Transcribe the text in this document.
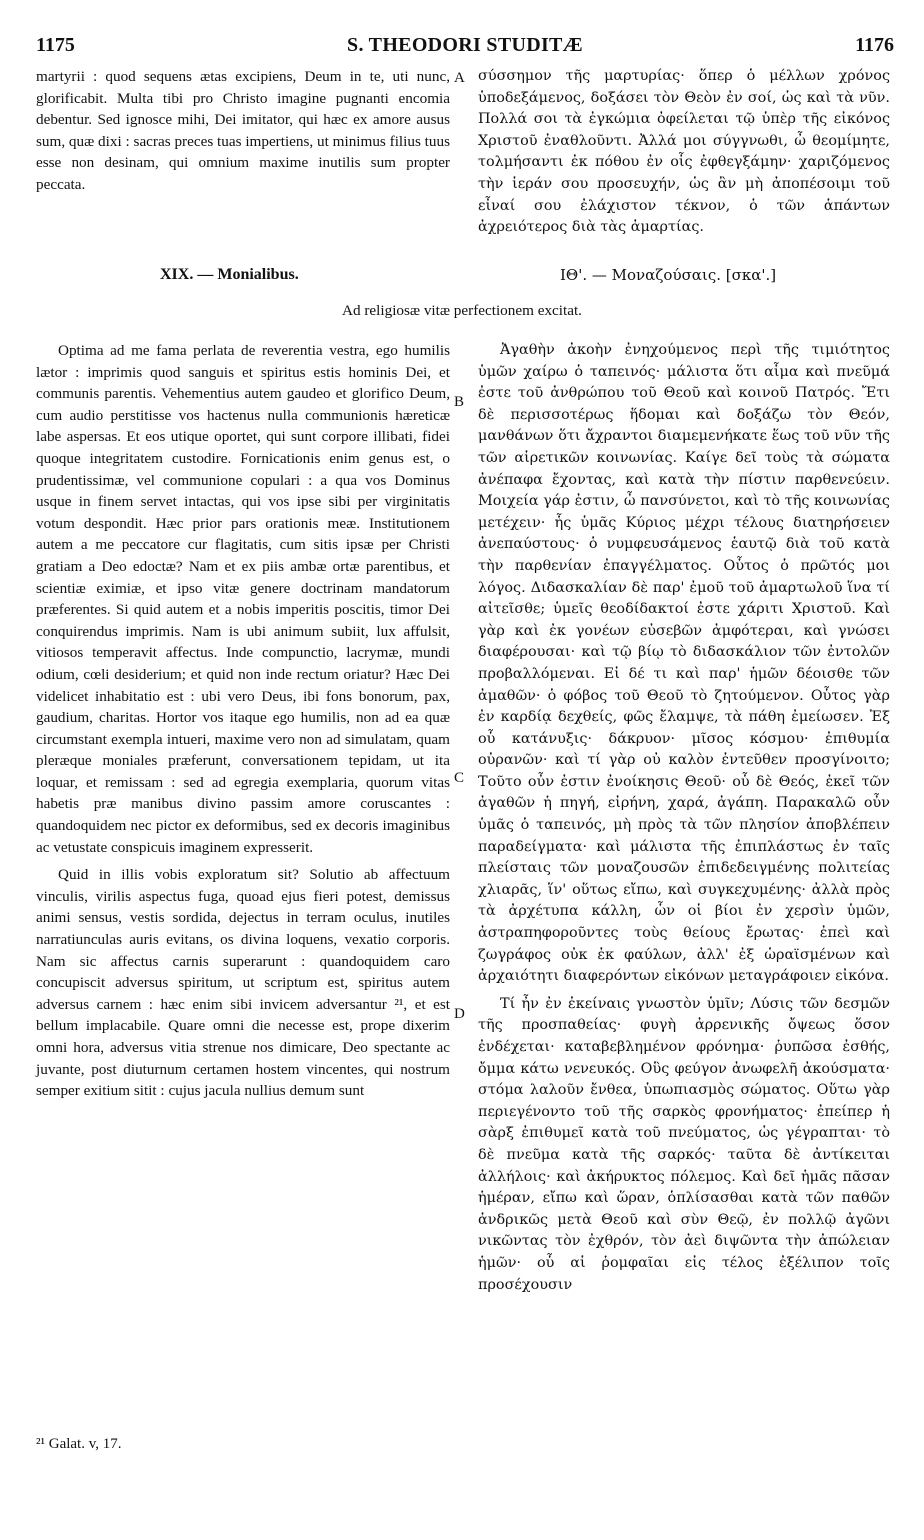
1175	S. THEODORI STUDITÆ	1176

martyrii : quod sequens ætas excipiens, Deum in te, uti nunc, glorificabit. Multa tibi pro Christo imagine pugnanti encomia debentur. Sed ignosce mihi, Dei imitator, qui hæc ex amore ausus sum, quæ dixi : sacras preces tuas impertiens, ut minimus filius tuus esse non desinam, qui omnium maxime inutilis sum propter peccata.

σύσσημον τῆς μαρτυρίας· ὅπερ ὁ μέλλων χρόνος ὑποδεξάμενος, δοξάσει τὸν Θεὸν ἐν σοί, ὡς καὶ τὰ νῦν. Πολλά σοι τὰ ἐγκώμια ὀφείλεται τῷ ὑπὲρ τῆς εἰκόνος Χριστοῦ ἐναθλοῦντι. Ἀλλά μοι σύγγνωθι, ὦ θεομίμητε, τολμήσαντι ἐκ πόθου ἐν οἷς ἐφθεγξάμην· χαριζόμενος τὴν ἱεράν σου προσευχήν, ὡς ἂν μὴ ἀποπέσοιμι τοῦ εἶναί σου ἐλάχιστον τέκνον, ὁ τῶν ἁπάντων ἀχρειότερος διὰ τὰς ἁμαρτίας.

A
XIX. — Monialibus.	ΙΘ'. — Μοναζούσαις. [σκα'.]
Ad religiosæ vitæ perfectionem excitat.

Optima ad me fama perlata de reverentia vestra, ego humilis lætor : imprimis quod sanguis et spiritus estis hominis Dei, et communis parentis. Vehementius autem gaudeo et glorifico Deum, cum audio perstitisse vos hactenus nulla communionis hæreticæ labe aspersas. Et eos utique oportet, qui sunt corpore illibati, fidei quoque integritatem custodire. Fornicationis enim genus est, o prudentissimæ, vel communione copulari : a qua vos Dominus usque in finem servet intactas, qui vos ipse sibi per virginitatis votum despondit. Hæc prior pars orationis meæ. Institutionem autem a me peccatore cur flagitatis, cum sitis ipsæ per Christi gratiam a Deo edoctæ? Nam et ex piis ambæ ortæ parentibus, et scientiæ eximiæ, et ipso vitæ genere doctrinam mandatorum præferentes. Si quid autem et a nobis imperitis poscitis, timor Dei conquirendus imprimis. Nam is ubi animum subiit, lux affulsit, vitiosos temperavit affectus. Inde compunctio, lacrymæ, mundi odium, cœli desiderium; et quid non inde rectum oriatur? Hæc Dei videlicet inhabitatio est : ubi vero Deus, ibi fons bonorum, pax, gaudium, charitas. Hortor vos itaque ego humilis, non ad ea quæ circumstant exempla intueri, maxime vero non ad simulatam, quam pleræque moniales præferunt, conversationem tepidam, ut ita loquar, et remissam : sed ad egregia exemplaria, quorum vitas habetis præ manibus divino passim amore coruscantes : quandoquidem nec pictor ex deformibus, sed ex decoris imaginibus ac vetustate conspicuis imaginem expresserit.

Quid in illis vobis exploratum sit? Solutio ab affectuum vinculis, virilis aspectus fuga, quoad ejus fieri potest, demissus animi sensus, vestis sordida, dejectus in terram oculus, inutiles narratiunculas auris evitans, os divina loquens, vexatio corporis. Nam sic affectus carnis superarunt : quandoquidem caro concupiscit adversus spiritum, ut scriptum est, spiritus autem adversus carnem : hæc enim sibi invicem adversantur ²¹, et est bellum implacabile. Quare omni die necesse est, prope dixerim omni hora, adversus vitia strenue nos dimicare, Deo spectante ac juvante, post diuturnum certamen hostem vincentes, qui nostrum semper exitium sitit : cujus jacula nullius demum sunt

Ἀγαθὴν ἀκοὴν ἐνηχούμενος περὶ τῆς τιμιότητος ὑμῶν χαίρω ὁ ταπεινός· μάλιστα ὅτι αἷμα καὶ πνεῦμά ἐστε τοῦ ἀνθρώπου τοῦ Θεοῦ καὶ κοινοῦ Πατρός. Ἔτι δὲ περισσοτέρως ἥδομαι καὶ δοξάζω τὸν Θεόν, μανθάνων ὅτι ἄχραντοι διαμεμενήκατε ἕως τοῦ νῦν τῆς τῶν αἱρετικῶν κοινωνίας. Καίγε δεῖ τοὺς τὰ σώματα ἀνέπαφα ἔχοντας, καὶ κατὰ τὴν πίστιν παρθενεύειν. Μοιχεία γάρ ἐστιν, ὦ πανσύνετοι, καὶ τὸ τῆς κοινωνίας μετέχειν· ἧς ὑμᾶς Κύριος μέχρι τέλους διατηρήσειεν ἀνεπαύστους· ὁ νυμφευσάμενος ἑαυτῷ διὰ τοῦ κατὰ τὴν παρθενίαν ἐπαγγέλματος. Οὗτος ὁ πρῶτός μοι λόγος. Διδασκαλίαν δὲ παρ' ἐμοῦ τοῦ ἁμαρτωλοῦ ἵνα τί αἰτεῖσθε; ὑμεῖς θεοδίδακτοί ἐστε χάριτι Χριστοῦ. Καὶ γὰρ καὶ ἐκ γονέων εὐσεβῶν ἀμφότεραι, καὶ γνώσει διαφέρουσαι· καὶ τῷ βίῳ τὸ διδασκάλιον τῶν ἐντολῶν προβαλλόμεναι. Εἰ δέ τι καὶ παρ' ἡμῶν δέοισθε τῶν ἀμαθῶν· ὁ φόβος τοῦ Θεοῦ τὸ ζητούμενον. Οὗτος γὰρ ἐν καρδίᾳ δεχθείς, φῶς ἔλαμψε, τὰ πάθη ἐμείωσεν. Ἐξ οὗ κατάνυξις· δάκρυον· μῖσος κόσμου· ἐπιθυμία οὐρανῶν· καὶ τί γὰρ οὐ καλὸν ἐντεῦθεν προσγίνοιτο; Τοῦτο οὖν ἐστιν ἐνοίκησις Θεοῦ· οὗ δὲ Θεός, ἐκεῖ τῶν ἀγαθῶν ἡ πηγή, εἰρήνη, χαρά, ἀγάπη. Παρακαλῶ οὖν ὑμᾶς ὁ ταπεινός, μὴ πρὸς τὰ τῶν πλησίον ἀποβλέπειν παραδείγματα· καὶ μάλιστα τῆς ἐπιπλάστως ἐν ταῖς πλείσταις τῶν μοναζουσῶν ἐπιδεδειγμένης πολιτείας χλιαρᾶς, ἵν' οὕτως εἴπω, καὶ συγκεχυμένης· ἀλλὰ πρὸς τὰ ἀρχέτυπα κάλλη, ὧν οἱ βίοι ἐν χερσὶν ὑμῶν, ἀστραπηφοροῦντες τοὺς θείους ἔρωτας· ἐπεὶ καὶ ζωγράφος οὐκ ἐκ φαύλων, ἀλλ' ἐξ ὡραϊσμένων καὶ ἀρχαιότητι διαφερόντων εἰκόνων μεταγράφοιεν εἰκόνα.

Τί ἦν ἐν ἐκείναις γνωστὸν ὑμῖν; Λύσις τῶν δεσμῶν τῆς προσπαθείας· φυγὴ ἀρρενικῆς ὄψεως ὅσον ἐνδέχεται· καταβεβλημένον φρόνημα· ῥυπῶσα ἐσθής, ὄμμα κάτω νενευκός. Οὓς φεύγον ἀνωφελῆ ἀκούσματα· στόμα λαλοῦν ἔνθεα, ὑπωπιασμὸς σώματος. Οὕτω γὰρ περιεγένοντο τοῦ τῆς σαρκὸς φρονήματος· ἐπείπερ ἡ σὰρξ ἐπιθυμεῖ κατὰ τοῦ πνεύματος, ὡς γέγραπται· τὸ δὲ πνεῦμα κατὰ τῆς σαρκός· ταῦτα δὲ ἀντίκειται ἀλλήλοις· καὶ ἀκήρυκτος πόλεμος. Καὶ δεῖ ἡμᾶς πᾶσαν ἡμέραν, εἴπω καὶ ὥραν, ὁπλίσασθαι κατὰ τῶν παθῶν ἀνδρικῶς μετὰ Θεοῦ καὶ σὺν Θεῷ, ἐν πολλῷ ἀγῶνι νικῶντας τὸν ἐχθρόν, τὸν ἀεὶ διψῶντα τὴν ἀπώλειαν ἡμῶν· οὗ αἱ ῥομφαῖαι εἰς τέλος ἐξέλιπον τοῖς προσέχουσιν

B
C
D
²¹ Galat. v, 17.
